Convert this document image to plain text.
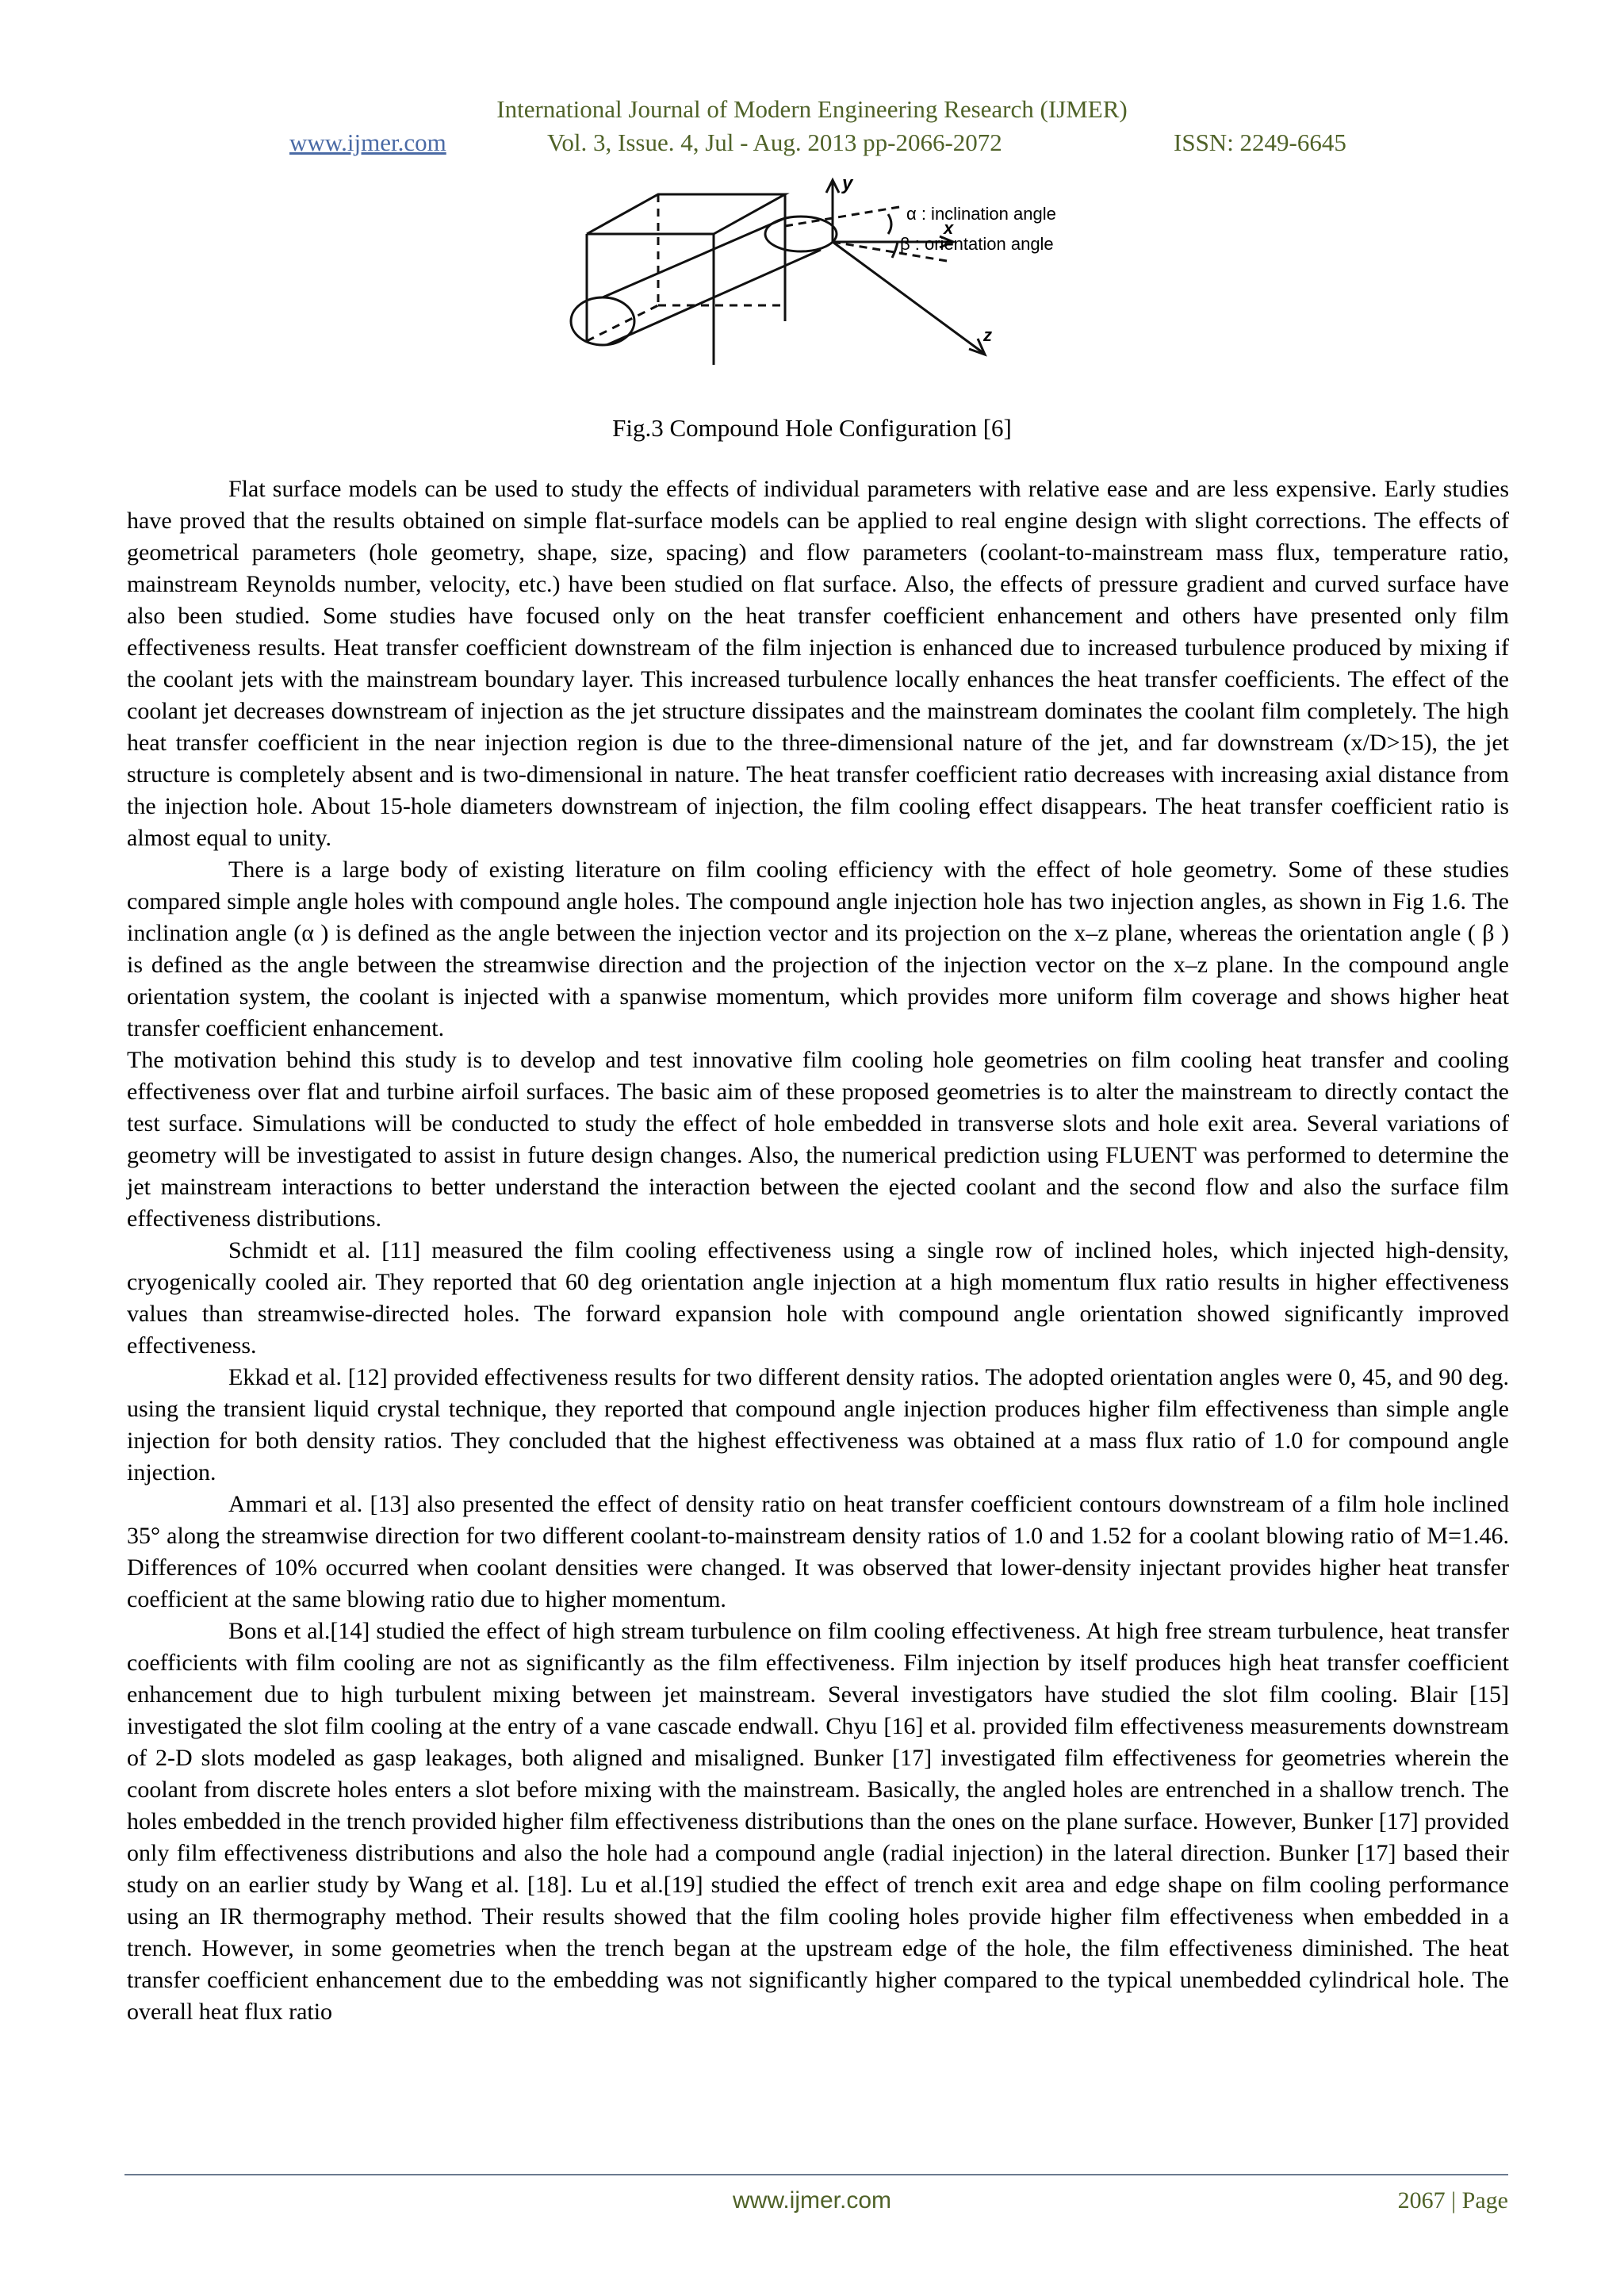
International Journal of Modern Engineering Research (IJMER)
www.ijmer.com	Vol. 3, Issue. 4, Jul - Aug. 2013 pp-2066-2072	ISSN: 2249-6645
y
x
z
α : inclination angle
β : orientation angle
Fig.3 Compound Hole Configuration [6]

Flat surface models can be used to study the effects of individual parameters with relative ease and are less expensive. Early studies have proved that the results obtained on simple flat-surface models can be applied to real engine design with slight corrections. The effects of geometrical parameters (hole geometry, shape, size, spacing) and flow parameters (coolant-to-mainstream mass flux, temperature ratio, mainstream Reynolds number, velocity, etc.) have been studied on flat surface. Also, the effects of pressure gradient and curved surface have also been studied. Some studies have focused only on the heat transfer coefficient enhancement and others have presented only film effectiveness results. Heat transfer coefficient downstream of the film injection is enhanced due to increased turbulence produced by mixing if the coolant jets with the mainstream boundary layer. This increased turbulence locally enhances the heat transfer coefficients. The effect of the coolant jet decreases downstream of injection as the jet structure dissipates and the mainstream dominates the coolant film completely. The high heat transfer coefficient in the near injection region is due to the three-dimensional nature of the jet, and far downstream (x/D>15), the jet structure is completely absent and is two-dimensional in nature. The heat transfer coefficient ratio decreases with increasing axial distance from the injection hole. About 15-hole diameters downstream of injection, the film cooling effect disappears. The heat transfer coefficient ratio is almost equal to unity.

There is a large body of existing literature on film cooling efficiency with the effect of hole geometry. Some of these studies compared simple angle holes with compound angle holes. The compound angle injection hole has two injection angles, as shown in Fig 1.6. The inclination angle (α ) is defined as the angle between the injection vector and its projection on the x–z plane, whereas the orientation angle ( β ) is defined as the angle between the streamwise direction and the projection of the injection vector on the x–z plane. In the compound angle orientation system, the coolant is injected with a spanwise momentum, which provides more uniform film coverage and shows higher heat transfer coefficient enhancement.

The motivation behind this study is to develop and test innovative film cooling hole geometries on film cooling heat transfer and cooling effectiveness over flat and turbine airfoil surfaces. The basic aim of these proposed geometries is to alter the mainstream to directly contact the test surface. Simulations will be conducted to study the effect of hole embedded in transverse slots and hole exit area. Several variations of geometry will be investigated to assist in future design changes. Also, the numerical prediction using FLUENT was performed to determine the jet mainstream interactions to better understand the interaction between the ejected coolant and the second flow and also the surface film effectiveness distributions.

Schmidt et al. [11] measured the film cooling effectiveness using a single row of inclined holes, which injected high-density, cryogenically cooled air. They reported that 60 deg orientation angle injection at a high momentum flux ratio results in higher effectiveness values than streamwise-directed holes. The forward expansion hole with compound angle orientation showed significantly improved effectiveness.

Ekkad et al. [12] provided effectiveness results for two different density ratios. The adopted orientation angles were 0, 45, and 90 deg. using the transient liquid crystal technique, they reported that compound angle injection produces higher film effectiveness than simple angle injection for both density ratios. They concluded that the highest effectiveness was obtained at a mass flux ratio of 1.0 for compound angle injection.

Ammari et al. [13] also presented the effect of density ratio on heat transfer coefficient contours downstream of a film hole inclined 35° along the streamwise direction for two different coolant-to-mainstream density ratios of 1.0 and 1.52 for a coolant blowing ratio of M=1.46. Differences of 10% occurred when coolant densities were changed. It was observed that lower-density injectant provides higher heat transfer coefficient at the same blowing ratio due to higher momentum.

Bons et al.[14] studied the effect of high stream turbulence on film cooling effectiveness. At high free stream turbulence, heat transfer coefficients with film cooling are not as significantly as the film effectiveness. Film injection by itself produces high heat transfer coefficient enhancement due to high turbulent mixing between jet mainstream. Several investigators have studied the slot film cooling. Blair [15] investigated the slot film cooling at the entry of a vane cascade endwall. Chyu [16] et al. provided film effectiveness measurements downstream of 2-D slots modeled as gasp leakages, both aligned and misaligned. Bunker [17] investigated film effectiveness for geometries wherein the coolant from discrete holes enters a slot before mixing with the mainstream. Basically, the angled holes are entrenched in a shallow trench. The holes embedded in the trench provided higher film effectiveness distributions than the ones on the plane surface. However, Bunker [17] provided only film effectiveness distributions and also the hole had a compound angle (radial injection) in the lateral direction. Bunker [17] based their study on an earlier study by Wang et al. [18]. Lu et al.[19] studied the effect of trench exit area and edge shape on film cooling performance using an IR thermography method. Their results showed that the film cooling holes provide higher film effectiveness when embedded in a trench. However, in some geometries when the trench began at the upstream edge of the hole, the film effectiveness diminished. The heat transfer coefficient enhancement due to the embedding was not significantly higher compared to the typical unembedded cylindrical hole. The overall heat flux ratio

www.ijmer.com	2067 | Page
